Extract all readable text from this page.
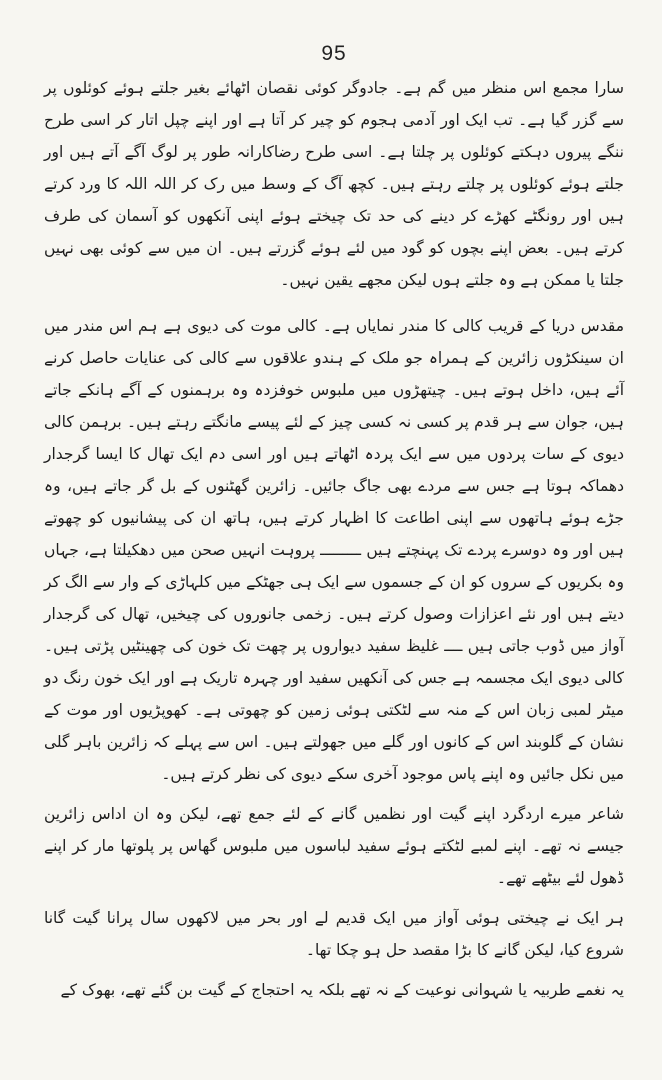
95

سارا مجمع اس منظر میں گم ہے۔ جادوگر کوئی نقصان اٹھائے بغیر جلتے ہوئے کوئلوں پر سے گزر گیا ہے۔ تب ایک اور آدمی ہجوم کو چیر کر آتا ہے اور اپنے چپل اتار کر اسی طرح ننگے پیروں دہکتے کوئلوں پر چلتا ہے۔ اسی طرح رضاکارانہ طور پر لوگ آگے آتے ہیں اور جلتے ہوئے کوئلوں پر چلتے رہتے ہیں۔ کچھ آگ کے وسط میں رک کر اللہ اللہ کا ورد کرتے ہیں اور رونگٹے کھڑے کر دینے کی حد تک چیختے ہوئے اپنی آنکھوں کو آسمان کی طرف کرتے ہیں۔ بعض اپنے بچوں کو گود میں لئے ہوئے گزرتے ہیں۔ ان میں سے کوئی بھی نہیں جلتا یا ممکن ہے وہ جلتے ہوں لیکن مجھے یقین نہیں۔

مقدس دریا کے قریب کالی کا مندر نمایاں ہے۔ کالی موت کی دیوی ہے ہم اس مندر میں ان سینکڑوں زائرین کے ہمراہ جو ملک کے ہندو علاقوں سے کالی کی عنایات حاصل کرنے آئے ہیں، داخل ہوتے ہیں۔ چیتھڑوں میں ملبوس خوفزدہ وہ برہمنوں کے آگے ہانکے جاتے ہیں، جوان سے ہر قدم پر کسی نہ کسی چیز کے لئے پیسے مانگتے رہتے ہیں۔ برہمن کالی دیوی کے سات پردوں میں سے ایک پردہ اٹھاتے ہیں اور اسی دم ایک تھال کا ایسا گرجدار دھماکہ ہوتا ہے جس سے مردے بھی جاگ جائیں۔ زائرین گھٹنوں کے بل گر جاتے ہیں، وہ جڑے ہوئے ہاتھوں سے اپنی اطاعت کا اظہار کرتے ہیں، ہاتھ ان کی پیشانیوں کو چھوتے ہیں اور وہ دوسرے پردے تک پہنچتے ہیں ـــــــــ پروہت انہیں صحن میں دھکیلتا ہے، جہاں وہ بکریوں کے سروں کو ان کے جسموں سے ایک ہی جھٹکے میں کلہاڑی کے وار سے الگ کر دیتے ہیں اور نئے اعزازات وصول کرتے ہیں۔ زخمی جانوروں کی چیخیں، تھال کی گرجدار آواز میں ڈوب جاتی ہیں ــــ غلیظ سفید دیواروں پر چھت تک خون کی چھینٹیں پڑتی ہیں۔ کالی دیوی ایک مجسمہ ہے جس کی آنکھیں سفید اور چہرہ تاریک ہے اور ایک خون رنگ دو میٹر لمبی زبان اس کے منہ سے لٹکتی ہوئی زمین کو چھوتی ہے۔ کھوپڑیوں اور موت کے نشان کے گلوبند اس کے کانوں اور گلے میں جھولتے ہیں۔ اس سے پہلے کہ زائرین باہر گلی میں نکل جائیں وہ اپنے پاس موجود آخری سکے دیوی کی نظر کرتے ہیں۔

شاعر میرے اردگرد اپنے گیت اور نظمیں گانے کے لئے جمع تھے، لیکن وہ ان اداس زائرین جیسے نہ تھے۔ اپنے لمبے لٹکتے ہوئے سفید لباسوں میں ملبوس گھاس پر پلوتھا مار کر اپنے ڈھول لئے بیٹھے تھے۔

ہر ایک نے چیختی ہوئی آواز میں ایک قدیم لے اور بحر میں لاکھوں سال پرانا گیت گانا شروع کیا، لیکن گانے کا بڑا مقصد حل ہو چکا تھا۔

یہ نغمے طربیہ یا شہوانی نوعیت کے نہ تھے بلکہ یہ احتجاج کے گیت بن گئے تھے، بھوک کے
